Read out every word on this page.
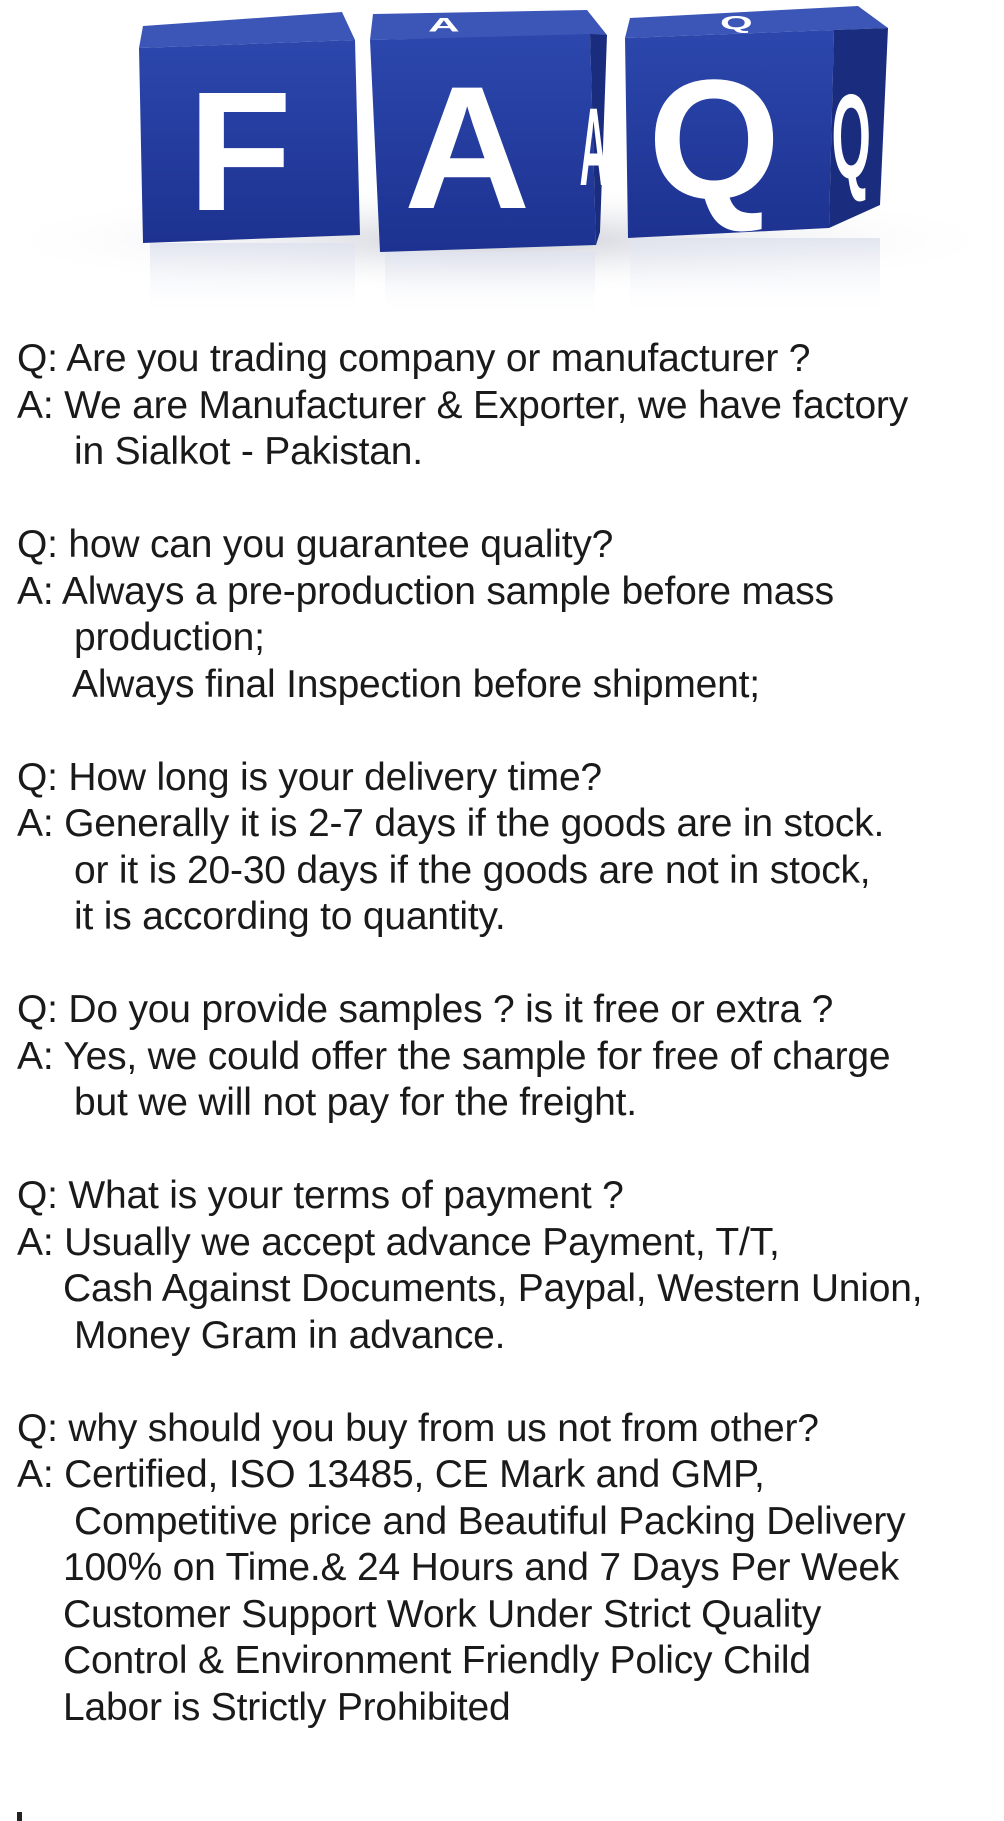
F
F
A
A A
Q
Q Q
Q: Are you trading company or manufacturer ?
A: We are Manufacturer & Exporter, we have factory
in Sialkot - Pakistan.
Q: how can you guarantee quality?
A: Always a pre-production sample before mass
production;
Always final Inspection before shipment;
Q: How long is your delivery time?
A: Generally it is 2-7 days if the goods are in stock.
or it is 20-30 days if the goods are not in stock,
it is according to quantity.
Q: Do you provide samples ? is it free or extra ?
A: Yes, we could offer the sample for free of charge
but we will not pay for the freight.
Q: What is your terms of payment ?
A: Usually we accept advance Payment, T/T,
Cash Against Documents, Paypal, Western Union,
Money Gram in advance.
Q: why should you buy from us not from other?
A: Certified, ISO 13485, CE Mark and GMP,
Competitive price and Beautiful Packing Delivery
100% on Time.& 24 Hours and 7 Days Per Week
Customer Support Work Under Strict Quality
Control & Environment Friendly Policy Child
Labor is Strictly Prohibited
